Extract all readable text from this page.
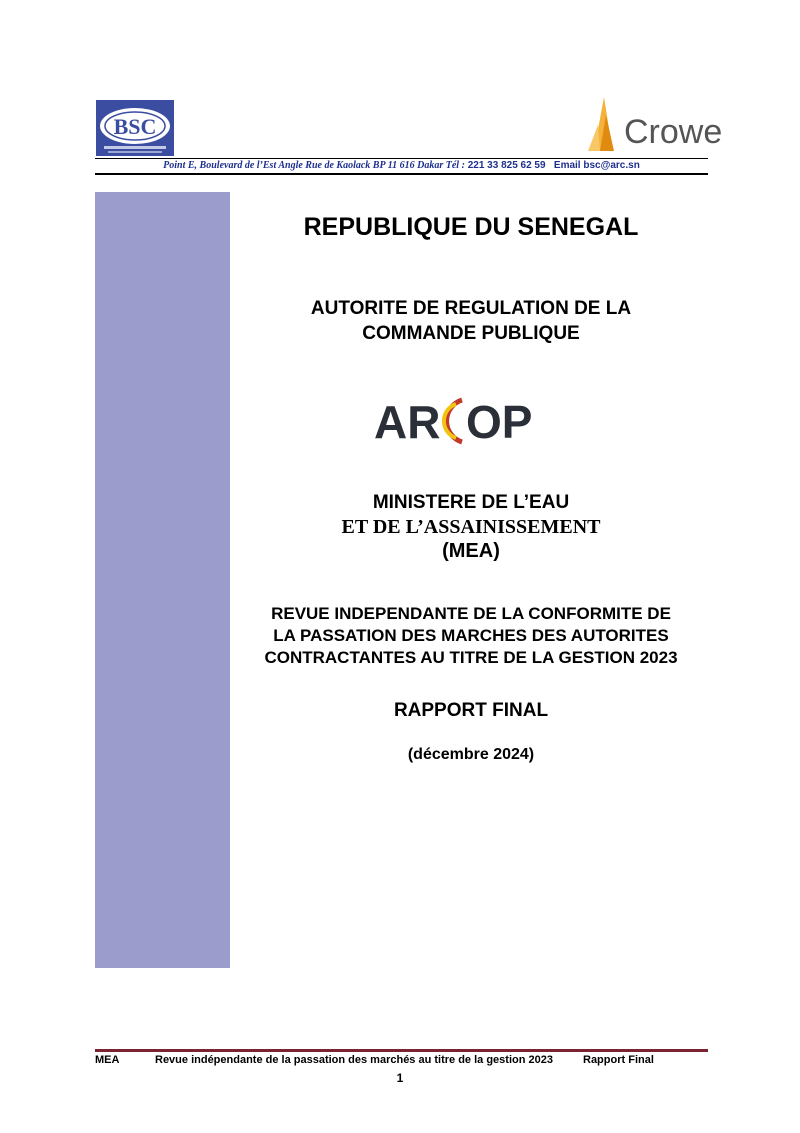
BSC	Crowe
Point E, Boulevard de l’Est Angle Rue de Kaolack BP 11 616 Dakar Tél : 221 33 825 62 59 Email bsc@arc.sn
REPUBLIQUE DU SENEGAL
AUTORITE DE REGULATION DE LA
COMMANDE PUBLIQUE
AR OP
MINISTERE DE L’EAU
ET DE L’ASSAINISSEMENT
(MEA)
REVUE INDEPENDANTE DE LA CONFORMITE DE
LA PASSATION DES MARCHES DES AUTORITES
CONTRACTANTES AU TITRE DE LA GESTION 2023
RAPPORT FINAL
(décembre 2024)
MEA	Revue indépendante de la passation des marchés au titre de la gestion 2023	Rapport Final
1
